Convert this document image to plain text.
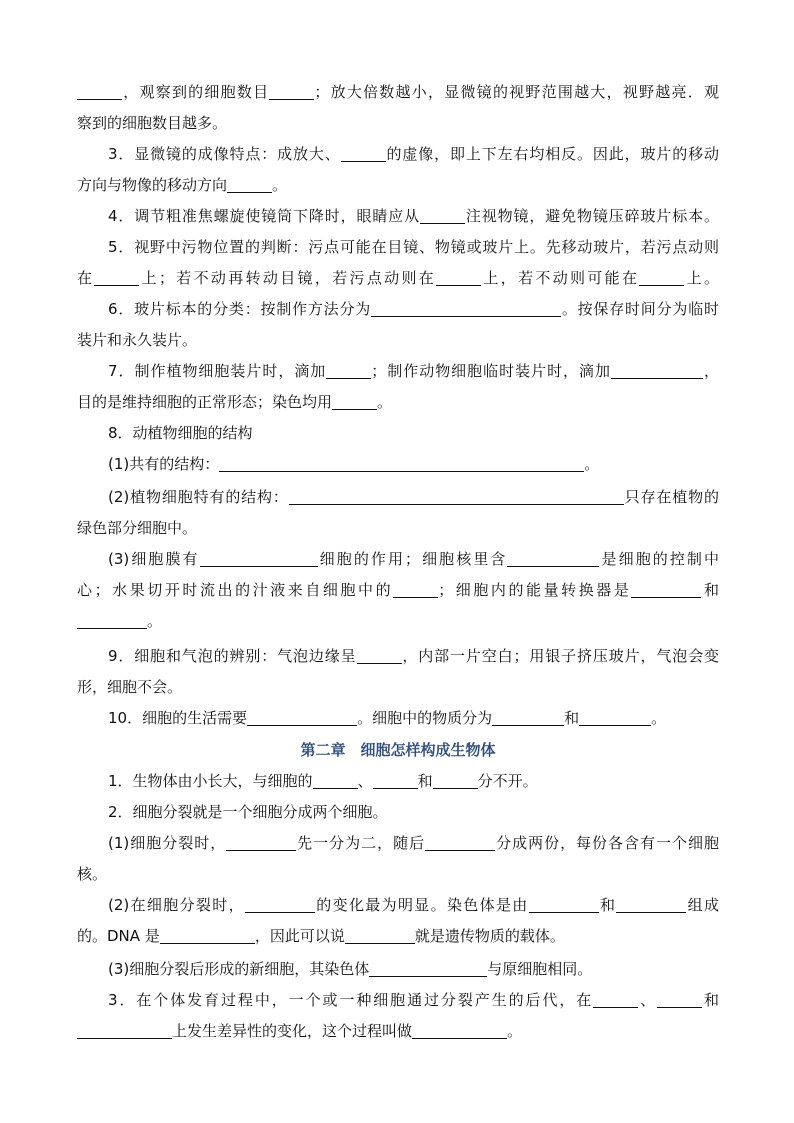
，观察到的细胞数目	；放大倍数越小，显微镜的视野范围越大，视野越亮．观
察到的细胞数目越多。
3．显微镜的成像特点：成放大、	的虚像，即上下左右均相反。因此，玻片的移动
方向与物像的移动方向	。
4．调节粗准焦螺旋使镜筒下降时，眼睛应从	注视物镜，避免物镜压碎玻片标本。
5．视野中污物位置的判断：污点可能在目镜、物镜或玻片上。先移动玻片，若污点动则
在	上；若不动再转动目镜，若污点动则在	上，若不动则可能在	上。
6．玻片标本的分类：按制作方法分为	。按保存时间分为临时
装片和永久装片。
7．制作植物细胞装片时，滴加	；制作动物细胞临时装片时，滴加	，
目的是维持细胞的正常形态；染色均用	。
8．动植物细胞的结构
(1)共有的结构：	。
(2)植物细胞特有的结构：	只存在植物的
绿色部分细胞中。
(3)细胞膜有	细胞的作用；细胞核里含	是细胞的控制中
心；水果切开时流出的汁液来自细胞中的	；细胞内的能量转换器是	和
。
9．细胞和气泡的辨别：气泡边缘呈	，内部一片空白；用银子挤压玻片，气泡会变
形，细胞不会。
10．细胞的生活需要	。细胞中的物质分为	和	。
第二章　细胞怎样构成生物体
1．生物体由小长大，与细胞的	、	和	分不开。
2．细胞分裂就是一个细胞分成两个细胞。
(1)细胞分裂时，	先一分为二，随后	分成两份，每份各含有一个细胞
核。
(2)在细胞分裂时，	的变化最为明显。染色体是由	和	组成
的。DNA 是	，因此可以说	就是遗传物质的载体。
(3)细胞分裂后形成的新细胞，其染色体	与原细胞相同。
3．在个体发育过程中，一个或一种细胞通过分裂产生的后代，在	、	和
上发生差异性的变化，这个过程叫做	。
